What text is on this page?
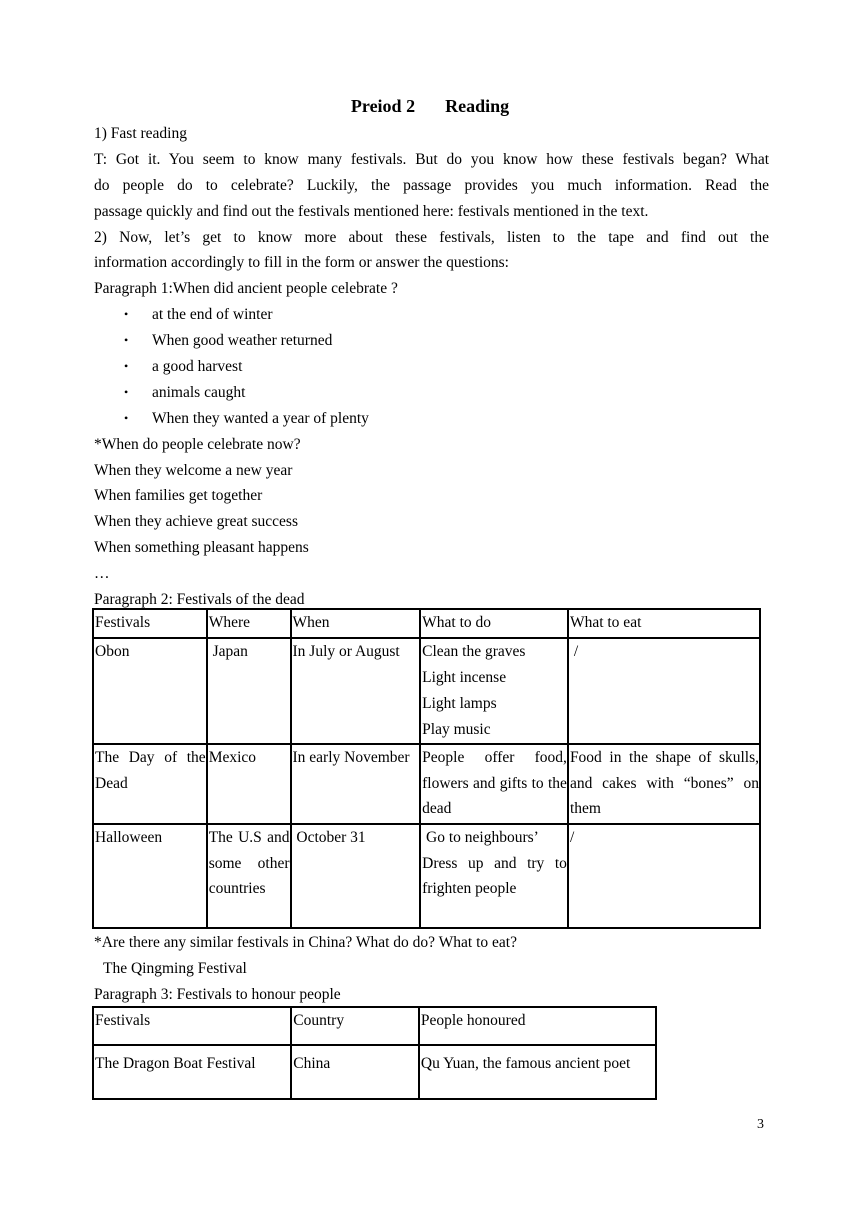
Preiod 2 Reading
1) Fast reading
T: Got it. You seem to know many festivals. But do you know how these festivals began? What
do people do to celebrate? Luckily, the passage provides you much information. Read the
passage quickly and find out the festivals mentioned here: festivals mentioned in the text.
2) Now, let’s get to know more about these festivals, listen to the tape and find out the
information accordingly to fill in the form or answer the questions:
Paragraph 1:When did ancient people celebrate ?
• at the end of winter
• When good weather returned
• a good harvest
• animals caught
• When they wanted a year of plenty
*When do people celebrate now?
When they welcome a new year
When families get together
When they achieve great success
When something pleasant happens
…
Paragraph 2: Festivals of the dead
Festivals	Where	When	What to do	What to eat
Obon	Japan	In July or August	Clean the graves
Light incense
Light lamps
Play music	/
The Day of the Dead	Mexico	In early November	People offer food, flowers and gifts to the dead	Food in the shape of skulls, and cakes with “bones” on them
Halloween	The U.S and some other countries	October 31	Go to neighbours’
Dress up and try to frighten people	/
*Are there any similar festivals in China? What do do? What to eat?
The Qingming Festival
Paragraph 3: Festivals to honour people
Festivals	Country	People honoured
The Dragon Boat Festival	China	Qu Yuan, the famous ancient poet
3
